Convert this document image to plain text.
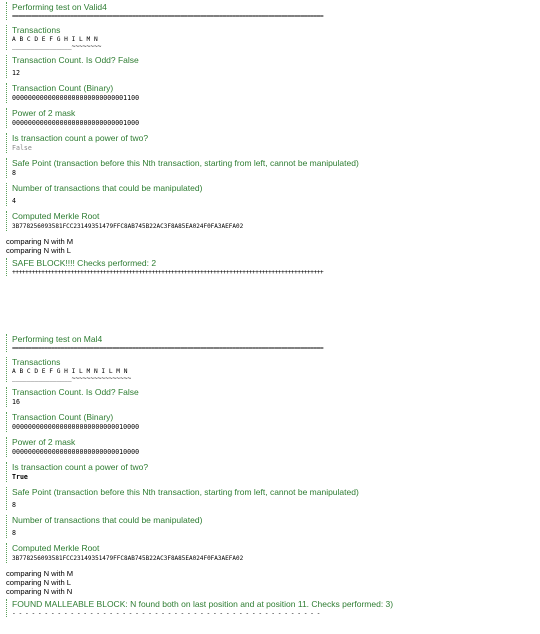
Performing test on Valid4
================================================================================================
Transactions
A B C D E F G H I L M N
________________~~~~~~~~
Transaction Count. Is Odd? False
12
Transaction Count (Binary)
00000000000000000000000000001100
Power of 2 mask
00000000000000000000000000001000
Is transaction count a power of two?
False
Safe Point (transaction before this Nth transaction, starting from left, cannot be manipulated)
8
Number of transactions that could be manipulated)
4
Computed Merkle Root
3B778256093581FCC23149351479FFC8AB745B22AC3F8A85EA024F0FA3AEFA02
comparing N with M
comparing N with L
SAFE BLOCK!!!! Checks performed: 2
++++++++++++++++++++++++++++++++++++++++++++++++++++++++++++++++++++++++++++++++++++++++++++++++
Performing test on Mal4
================================================================================================
Transactions
A B C D E F G H I L M N I L M N
________________~~~~~~~~~~~~~~~~
Transaction Count. Is Odd? False
16
Transaction Count (Binary)
00000000000000000000000000010000
Power of 2 mask
00000000000000000000000000010000
Is transaction count a power of two?
True
Safe Point (transaction before this Nth transaction, starting from left, cannot be manipulated)
8
Number of transactions that could be manipulated)
8
Computed Merkle Root
3B778256093581FCC23149351479FFC8AB745B22AC3F8A85EA024F0FA3AEFA02
comparing N with M
comparing N with L
comparing N with N
FOUND MALLEABLE BLOCK: N found both on last position and at position 11. Checks performed: 3)
- - - - - - - - - - - - - - - - - - - - - - - - - - - - - - - - - - - - - - - - - - - - - - - -
